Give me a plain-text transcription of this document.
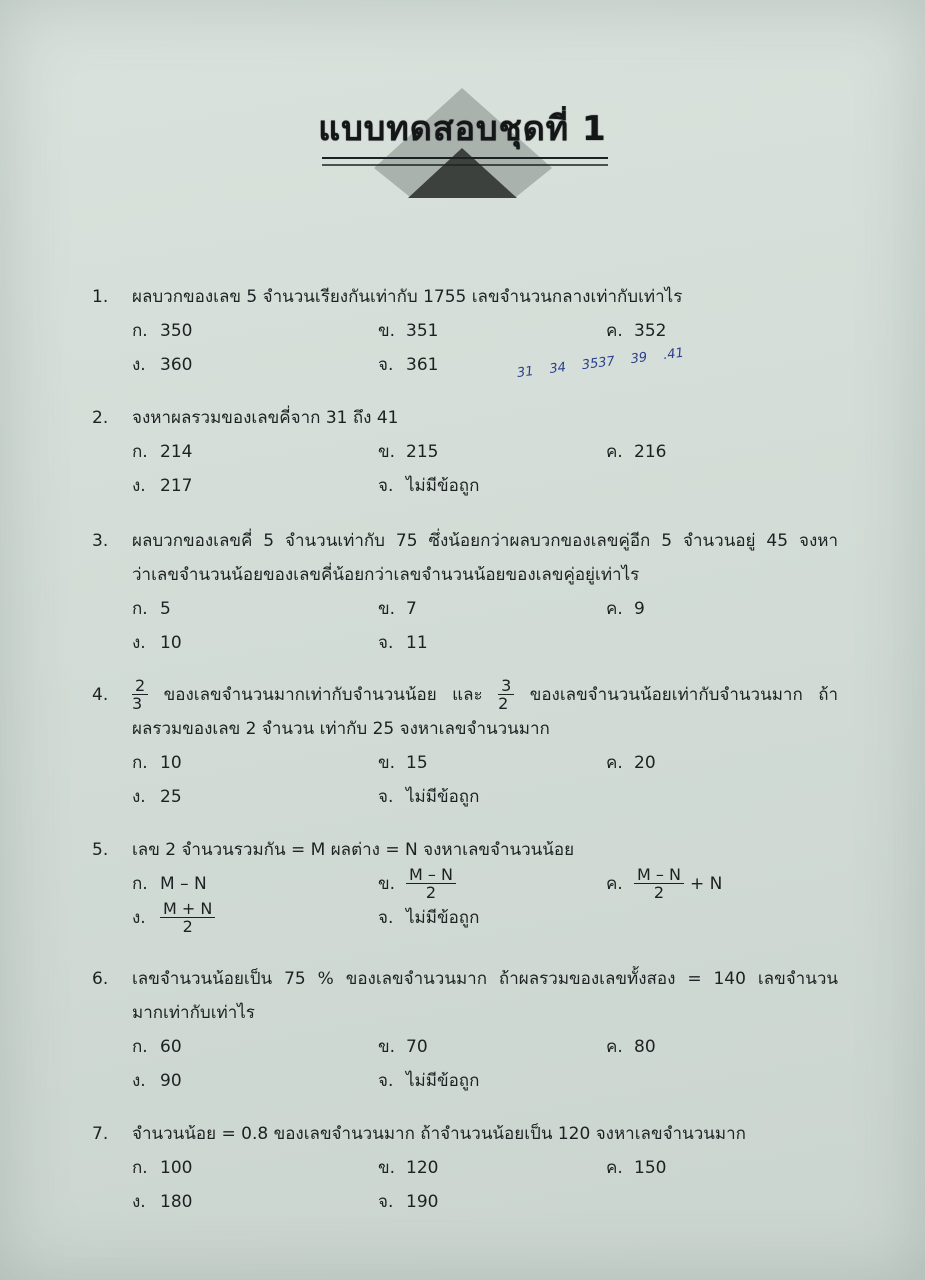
แบบทดสอบชุดที่ 1
31 34 3537 39 .41
1. ผลบวกของเลข 5 จำนวนเรียงกันเท่ากับ 1755 เลขจำนวนกลางเท่ากับเท่าไร
ก. 350	ข. 351	ค. 352
ง. 360	จ. 361
2. จงหาผลรวมของเลขคี่จาก 31 ถึง 41
ก. 214	ข. 215	ค. 216
ง. 217	จ. ไม่มีข้อถูก
3. ผลบวกของเลขคี่ 5 จำนวนเท่ากับ 75 ซึ่งน้อยกว่าผลบวกของเลขคู่อีก 5 จำนวนอยู่ 45 จงหา
ว่าเลขจำนวนน้อยของเลขคี่น้อยกว่าเลขจำนวนน้อยของเลขคู่อยู่เท่าไร
ก. 5	ข. 7	ค. 9
ง. 10	จ. 11
4. $\frac{2}{3}$ ของเลขจำนวนมากเท่ากับจำนวนน้อย และ $\frac{3}{2}$ ของเลขจำนวนน้อยเท่ากับจำนวนมาก ถ้า
ผลรวมของเลข 2 จำนวน เท่ากับ 25 จงหาเลขจำนวนมาก
ก. 10	ข. 15	ค. 20
ง. 25	จ. ไม่มีข้อถูก
5. เลข 2 จำนวนรวมกัน = M ผลต่าง = N จงหาเลขจำนวนน้อย
ก. M – N	ข. $\frac{M - N}{2}$	ค. $\frac{M - N}{2} + N$
ง. $\frac{M + N}{2}$	จ. ไม่มีข้อถูก
6. เลขจำนวนน้อยเป็น 75 % ของเลขจำนวนมาก ถ้าผลรวมของเลขทั้งสอง = 140 เลขจำนวน
มากเท่ากับเท่าไร
ก. 60	ข. 70	ค. 80
ง. 90	จ. ไม่มีข้อถูก
7. จำนวนน้อย = 0.8 ของเลขจำนวนมาก ถ้าจำนวนน้อยเป็น 120 จงหาเลขจำนวนมาก
ก. 100	ข. 120	ค. 150
ง. 180	จ. 190
